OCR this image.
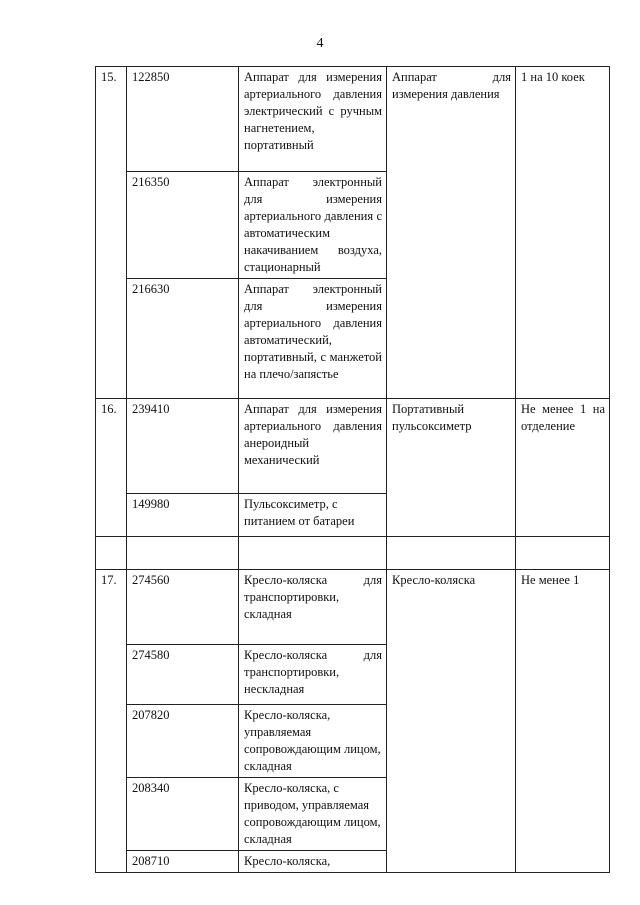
4
15.	122850	Аппарат для измерения артериального давления электрический с ручным нагнетением, портативный	Аппарат для измерения давления	1 на 10 коек
	216350	Аппарат электронный для измерения артериального давления с автоматическим накачиванием воздуха, стационарный		
	216630	Аппарат электронный для измерения артериального давления автоматический, портативный, с манжетой на плечо/запястье		
16.	239410	Аппарат для измерения артериального давления анероидный механический	Портативный пульсоксиметр	Не менее 1 на отделение
	149980	Пульсоксиметр, с питанием от батареи		

17.	274560	Кресло-коляска для транспортировки, складная	Кресло-коляска	Не менее 1
	274580	Кресло-коляска для транспортировки, нескладная		
	207820	Кресло-коляска, управляемая сопровождающим лицом, складная		
	208340	Кресло-коляска, с приводом, управляемая сопровождающим лицом, складная		
	208710	Кресло-коляска,		
